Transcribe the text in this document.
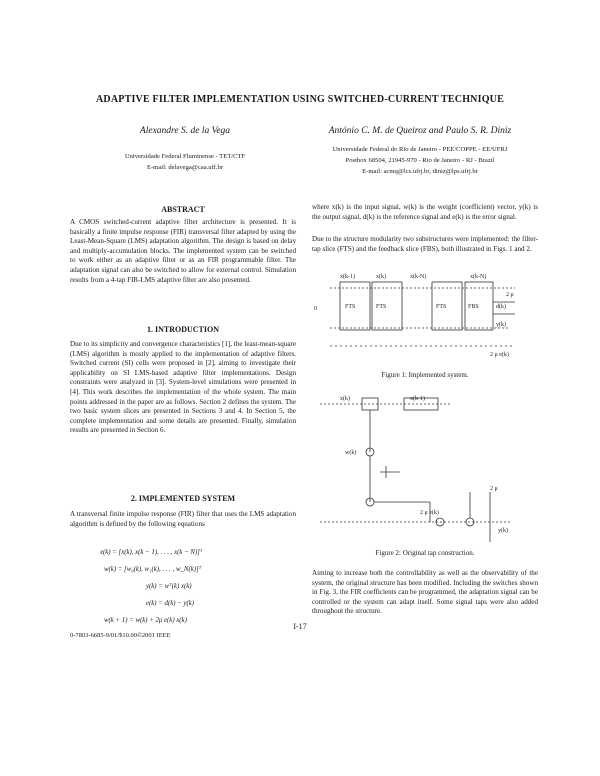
ADAPTIVE FILTER IMPLEMENTATION USING SWITCHED-CURRENT TECHNIQUE
Alexandre S. de la Vega
Universidade Federal Fluminense - TET/CTF
E-mail: delavega@caa.uff.br
António C. M. de Queiroz and Paulo S. R. Diniz
Universidade Federal do Rio de Janeiro - PEE/COPPE - EE/UFRJ
Postbox 68504, 21945-970 - Rio de Janeiro - RJ - Brazil
E-mail: acmq@lcs.ufrj.br, diniz@lps.ufrj.br
ABSTRACT
A CMOS switched-current adaptive filter architecture is presented. It is basically a finite impulse response (FIR) transversal filter adapted by using the Least-Mean-Square (LMS) adaptation algorithm. The design is based on delay and multiply-accumulation blocks. The implemented system can be switched to work either as an adaptive filter or as an FIR programmable filter. The adaptation signal can also be switched to allow for external control. Simulation results from a 4-tap FIR-LMS adaptive filter are also presented.
1. INTRODUCTION
Due to its simplicity and convergence characteristics [1], the least-mean-square (LMS) algorithm is mostly applied to the implementation of adaptive filters. Switched current (SI) cells were proposed in [2], aiming to investigate their applicability on SI LMS-based adaptive filter implementations. Design constraints were analyzed in [3]. System-level simulations were presented in [4]. This work describes the implementation of the whole system. The main points addressed in the paper are as follows. Section 2 defines the system. The two basic system slices are presented in Sections 3 and 4. In Section 5, the complete implementation and some details are presented. Finally, simulation results are presented in Section 6.
2. IMPLEMENTED SYSTEM
A transversal finite impulse response (FIR) filter that uses the LMS adaptation algorithm is defined by the following equations
x(k) = [x(k), x(k − 1), . . . , x(k − N)]ᵀ
w(k) = [w₀(k), w₁(k), . . . , w_N(k)]ᵀ
y(k) = wᵀ(k) x(k)
e(k) = d(k) − y(k)
w(k + 1) = w(k) + 2μ e(k) x(k)
where x(k) is the input signal, w(k) is the weight (coefficient) vector, y(k) is the output signal, d(k) is the reference signal and e(k) is the error signal.
Due to the structure modularity two substructures were implemented: the filter-tap slice (FTS) and the feedback slice (FBS), both illustrated in Figs. 1 and 2.
0
x(k-1)	x(k)	x(k-N)	x(k-N)
FTS	FTS	FTS	FBS
2 μ
d(k)
y(k)
2 μ e(k)
Figure 1: Implemented system.
x(k)	x(k-1)
2 μ
2 μ e(k)
w(k)
y(k)
Figure 2: Original tap construction.
Aiming to increase both the controllability as well as the observability of the system, the original structure has been modified. Including the switches shown in Fig. 3, the FIR coefficients can be programmed, the adaptation signal can be controlled or the system can adapt itself. Some signal taps were also added throughout the structure.
I-17
0-7803-6685-9/01/$10.00©2001 IEEE
